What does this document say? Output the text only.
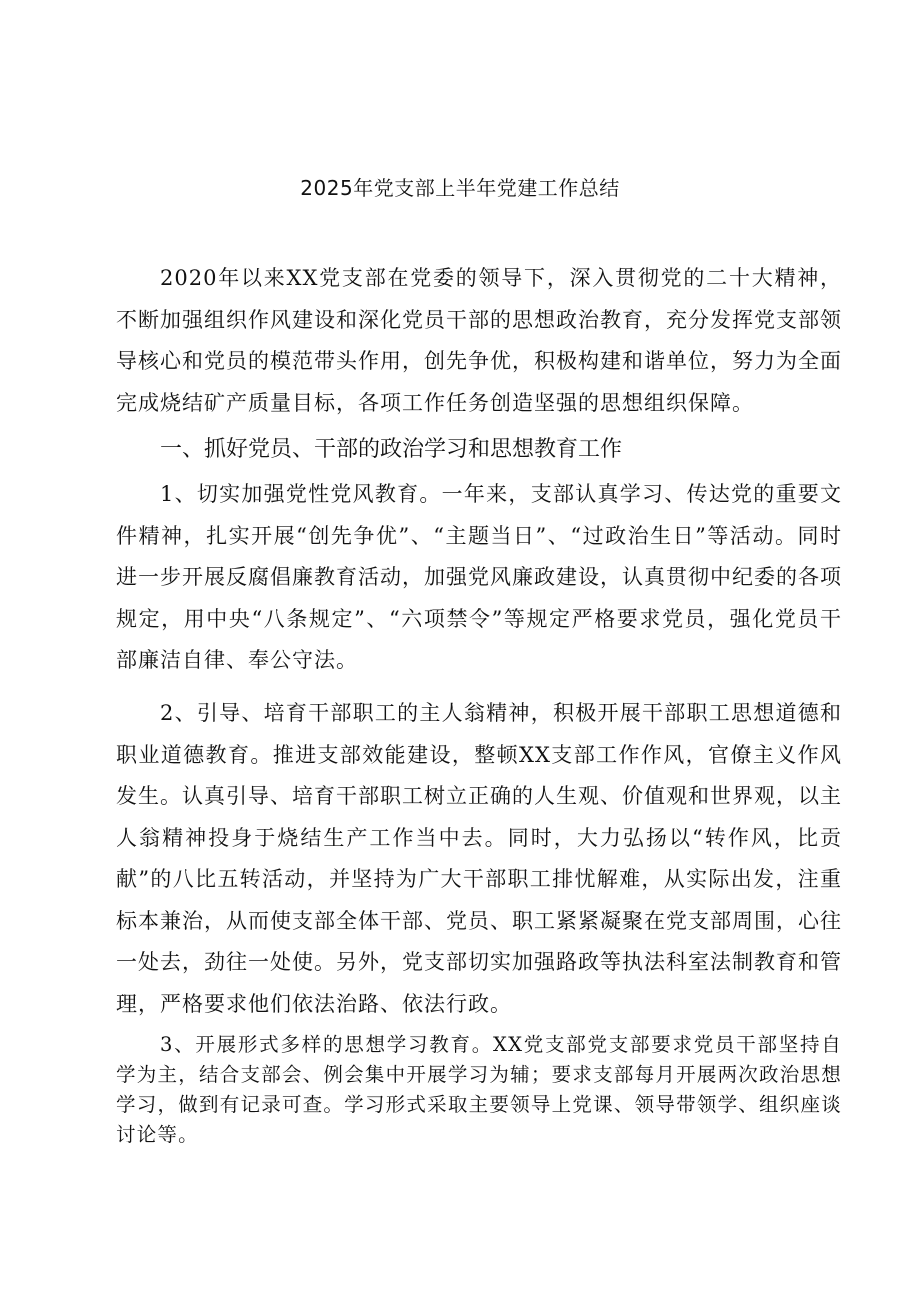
2025年党支部上半年党建工作总结

2020年以来XX党支部在党委的领导下，深入贯彻党的二十大精神，不断加强组织作风建设和深化党员干部的思想政治教育，充分发挥党支部领导核心和党员的模范带头作用，创先争优，积极构建和谐单位，努力为全面完成烧结矿产质量目标，各项工作任务创造坚强的思想组织保障。

一、抓好党员、干部的政治学习和思想教育工作

1、切实加强党性党风教育。一年来，支部认真学习、传达党的重要文件精神，扎实开展“创先争优”、“主题当日”、“过政治生日”等活动。同时进一步开展反腐倡廉教育活动，加强党风廉政建设，认真贯彻中纪委的各项规定，用中央“八条规定”、“六项禁令”等规定严格要求党员，强化党员干部廉洁自律、奉公守法。

2、引导、培育干部职工的主人翁精神，积极开展干部职工思想道德和职业道德教育。推进支部效能建设，整顿XX支部工作作风，官僚主义作风发生。认真引导、培育干部职工树立正确的人生观、价值观和世界观，以主人翁精神投身于烧结生产工作当中去。同时，大力弘扬以“转作风，比贡献”的八比五转活动，并坚持为广大干部职工排忧解难，从实际出发，注重标本兼治，从而使支部全体干部、党员、职工紧紧凝聚在党支部周围，心往一处去，劲往一处使。另外，党支部切实加强路政等执法科室法制教育和管理，严格要求他们依法治路、依法行政。

3、开展形式多样的思想学习教育。XX党支部党支部要求党员干部坚持自学为主，结合支部会、例会集中开展学习为辅；要求支部每月开展两次政治思想学习，做到有记录可查。学习形式采取主要领导上党课、领导带领学、组织座谈讨论等。
